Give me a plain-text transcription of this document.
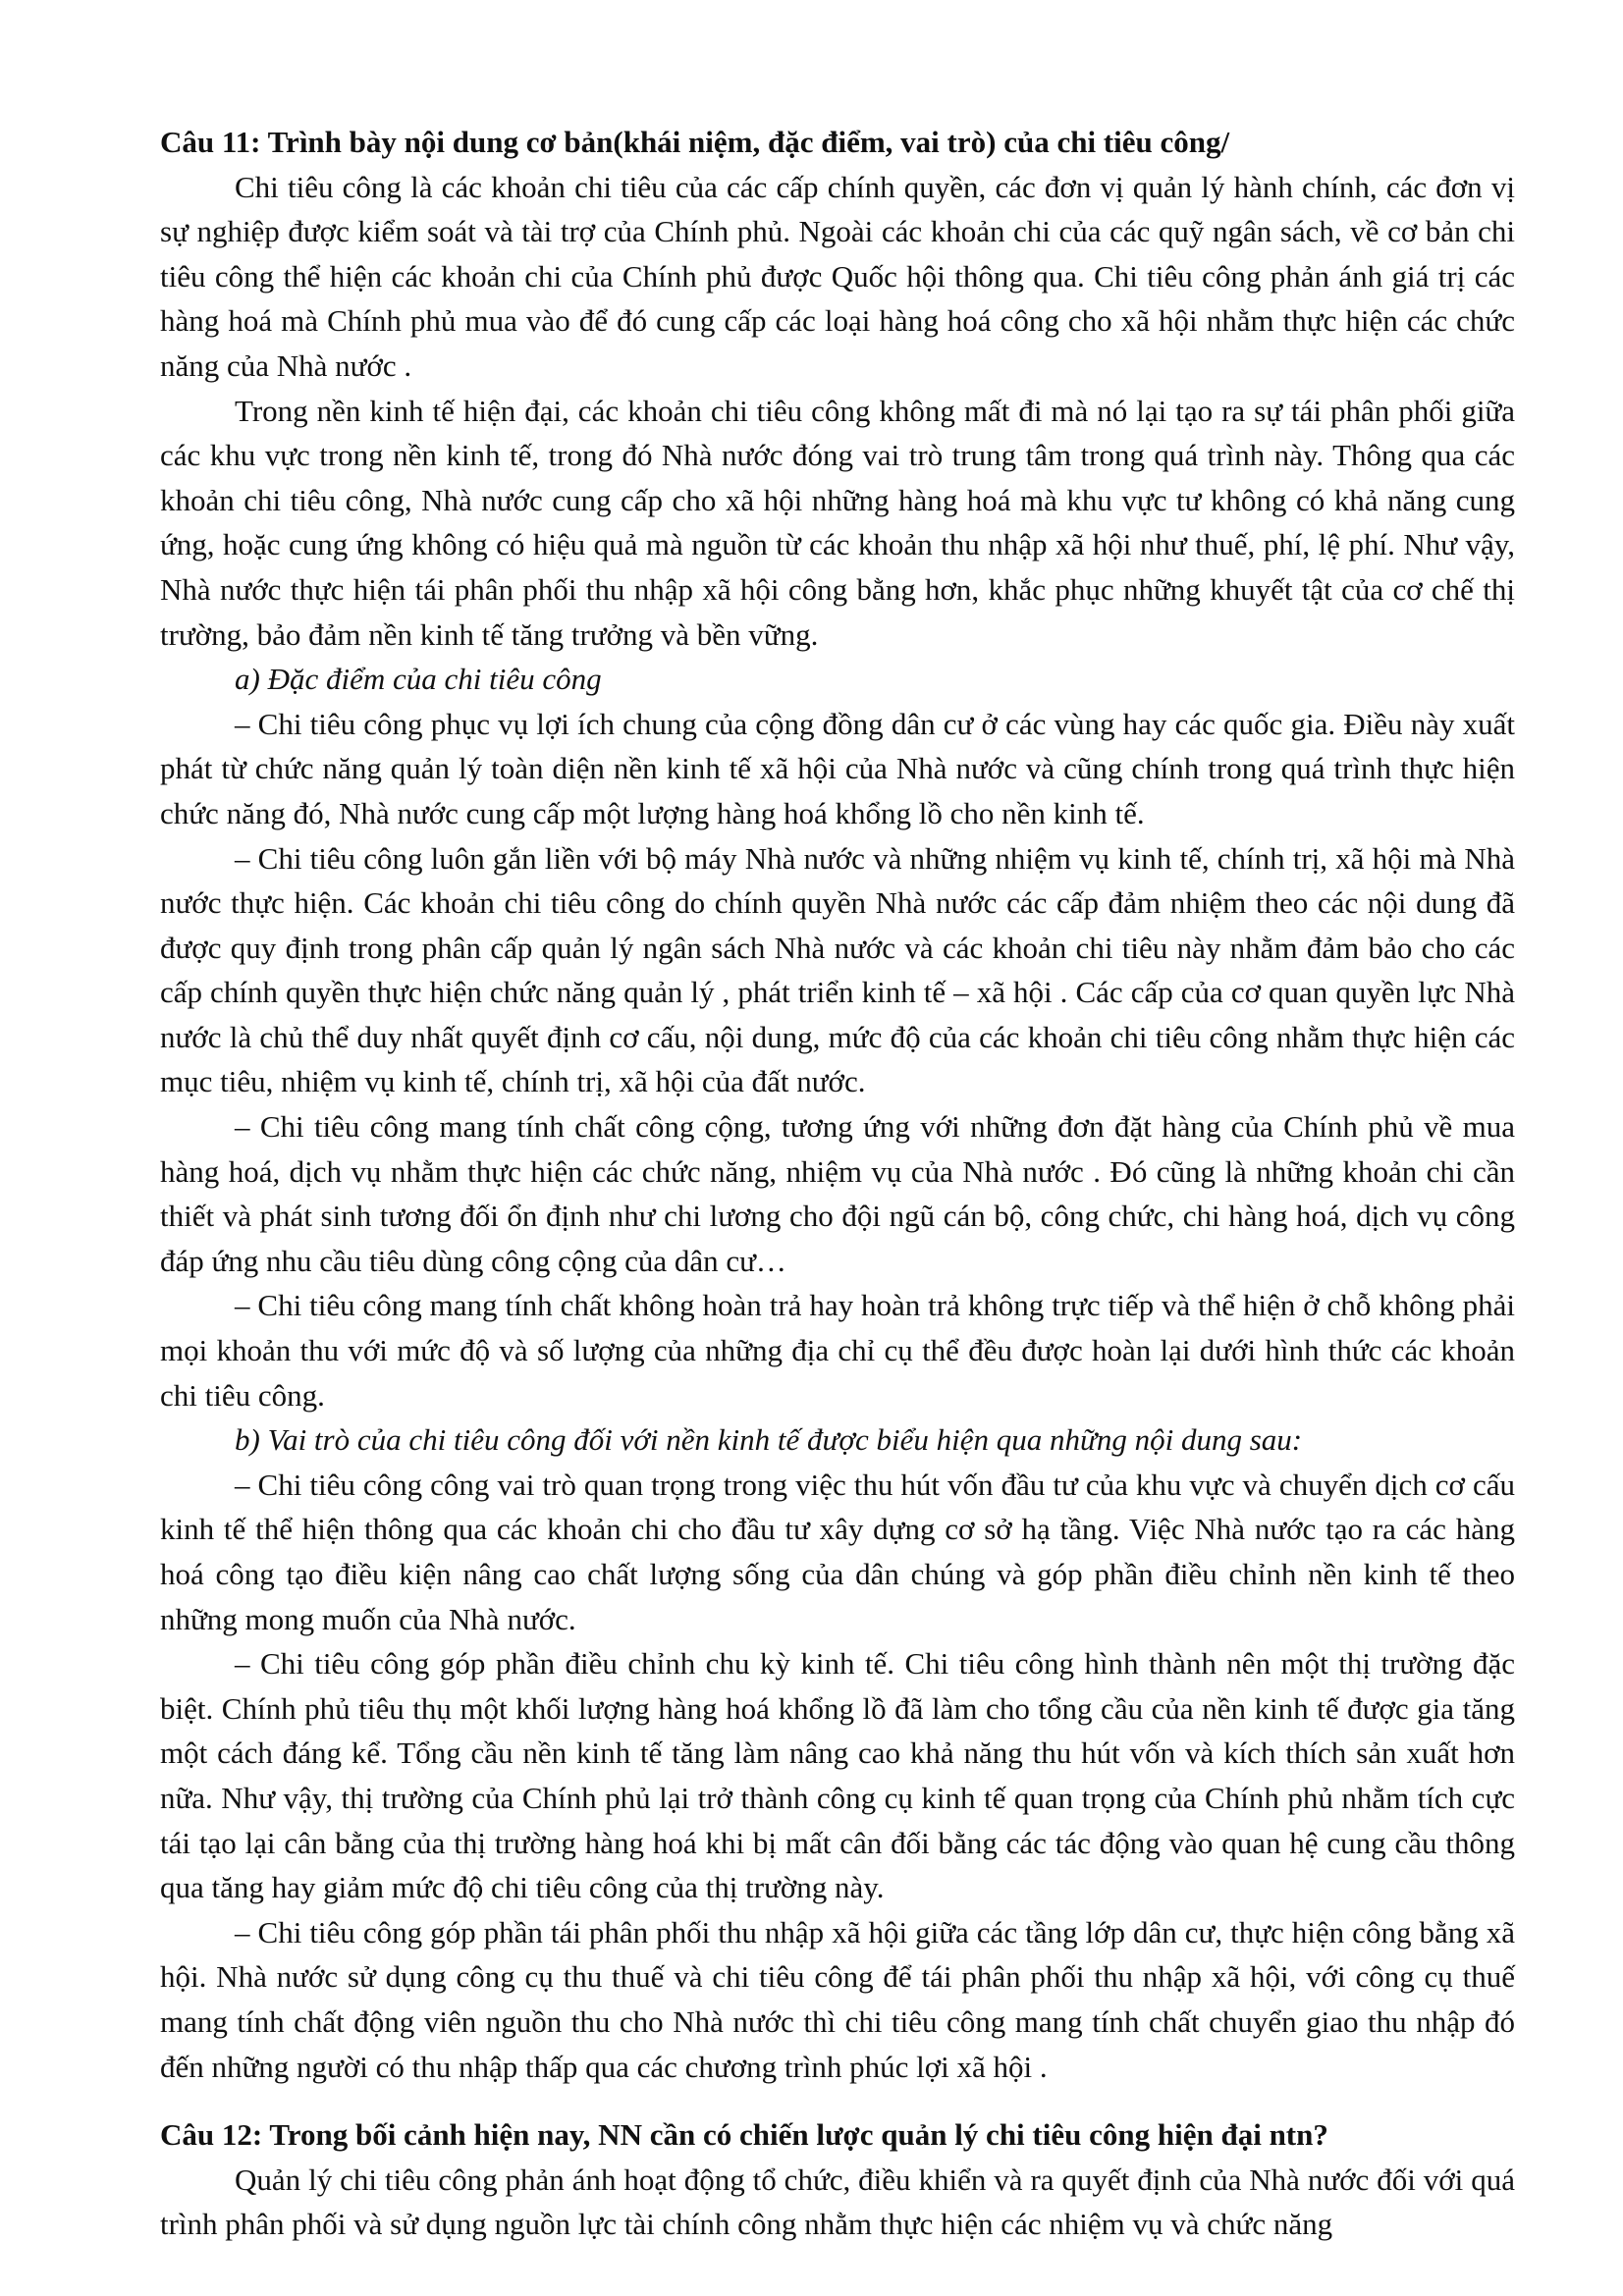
Câu 11: Trình bày nội dung cơ bản(khái niệm, đặc điểm, vai trò) của chi tiêu công/

Chi tiêu công là các khoản chi tiêu của các cấp chính quyền, các đơn vị quản lý hành chính, các đơn vị sự nghiệp được kiểm soát và tài trợ của Chính phủ. Ngoài các khoản chi của các quỹ ngân sách, về cơ bản chi tiêu công thể hiện các khoản chi của Chính phủ được Quốc hội thông qua. Chi tiêu công phản ánh giá trị các hàng hoá mà Chính phủ mua vào để đó cung cấp các loại hàng hoá công cho xã hội nhằm thực hiện các chức năng của Nhà nước .

Trong nền kinh tế hiện đại, các khoản chi tiêu công không mất đi mà nó lại tạo ra sự tái phân phối giữa các khu vực trong nền kinh tế, trong đó Nhà nước đóng vai trò trung tâm trong quá trình này. Thông qua các khoản chi tiêu công, Nhà nước cung cấp cho xã hội những hàng hoá mà khu vực tư không có khả năng cung ứng, hoặc cung ứng không có hiệu quả mà nguồn từ các khoản thu nhập xã hội như thuế, phí, lệ phí. Như vậy, Nhà nước thực hiện tái phân phối thu nhập xã hội công bằng hơn, khắc phục những khuyết tật của cơ chế thị trường, bảo đảm nền kinh tế tăng trưởng và bền vững.

a) Đặc điểm của chi tiêu công

– Chi tiêu công phục vụ lợi ích chung của cộng đồng dân cư ở các vùng hay các quốc gia. Điều này xuất phát từ chức năng quản lý toàn diện nền kinh tế xã hội của Nhà nước và cũng chính trong quá trình thực hiện chức năng đó, Nhà nước cung cấp một lượng hàng hoá khổng lồ cho nền kinh tế.

– Chi tiêu công luôn gắn liền với bộ máy Nhà nước và những nhiệm vụ kinh tế, chính trị, xã hội mà Nhà nước thực hiện. Các khoản chi tiêu công do chính quyền Nhà nước các cấp đảm nhiệm theo các nội dung đã được quy định trong phân cấp quản lý ngân sách Nhà nước và các khoản chi tiêu này nhằm đảm bảo cho các cấp chính quyền thực hiện chức năng quản lý , phát triển kinh tế – xã hội . Các cấp của cơ quan quyền lực Nhà nước là chủ thể duy nhất quyết định cơ cấu, nội dung, mức độ của các khoản chi tiêu công nhằm thực hiện các mục tiêu, nhiệm vụ kinh tế, chính trị, xã hội của đất nước.

– Chi tiêu công mang tính chất công cộng, tương ứng với những đơn đặt hàng của Chính phủ về mua hàng hoá, dịch vụ nhằm thực hiện các chức năng, nhiệm vụ của Nhà nước . Đó cũng là những khoản chi cần thiết và phát sinh tương đối ổn định như chi lương cho đội ngũ cán bộ, công chức, chi hàng hoá, dịch vụ công đáp ứng nhu cầu tiêu dùng công cộng của dân cư…

– Chi tiêu công mang tính chất không hoàn trả hay hoàn trả không trực tiếp và thể hiện ở chỗ không phải mọi khoản thu với mức độ và số lượng của những địa chỉ cụ thể đều được hoàn lại dưới hình thức các khoản chi tiêu công.

b) Vai trò của chi tiêu công đối với nền kinh tế được biểu hiện qua những nội dung sau:

– Chi tiêu công công vai trò quan trọng trong việc thu hút vốn đầu tư của khu vực và chuyển dịch cơ cấu kinh tế thể hiện thông qua các khoản chi cho đầu tư xây dựng cơ sở hạ tầng. Việc Nhà nước tạo ra các hàng hoá công tạo điều kiện nâng cao chất lượng sống của dân chúng và góp phần điều chỉnh nền kinh tế theo những mong muốn của Nhà nước.

– Chi tiêu công góp phần điều chỉnh chu kỳ kinh tế. Chi tiêu công hình thành nên một thị trường đặc biệt. Chính phủ tiêu thụ một khối lượng hàng hoá khổng lồ đã làm cho tổng cầu của nền kinh tế được gia tăng một cách đáng kể. Tổng cầu nền kinh tế tăng làm nâng cao khả năng thu hút vốn và kích thích sản xuất hơn nữa. Như vậy, thị trường của Chính phủ lại trở thành công cụ kinh tế quan trọng của Chính phủ nhằm tích cực tái tạo lại cân bằng của thị trường hàng hoá khi bị mất cân đối bằng các tác động vào quan hệ cung cầu thông qua tăng hay giảm mức độ chi tiêu công của thị trường này.

– Chi tiêu công góp phần tái phân phối thu nhập xã hội giữa các tầng lớp dân cư, thực hiện công bằng xã hội. Nhà nước sử dụng công cụ thu thuế và chi tiêu công để tái phân phối thu nhập xã hội, với công cụ thuế mang tính chất động viên nguồn thu cho Nhà nước thì chi tiêu công mang tính chất chuyển giao thu nhập đó đến những người có thu nhập thấp qua các chương trình phúc lợi xã hội .

Câu 12: Trong bối cảnh hiện nay, NN cần có chiến lược quản lý chi tiêu công hiện đại ntn?

Quản lý chi tiêu công phản ánh hoạt động tổ chức, điều khiển và ra quyết định của Nhà nước đối với quá trình phân phối và sử dụng nguồn lực tài chính công nhằm thực hiện các nhiệm vụ và chức năng
